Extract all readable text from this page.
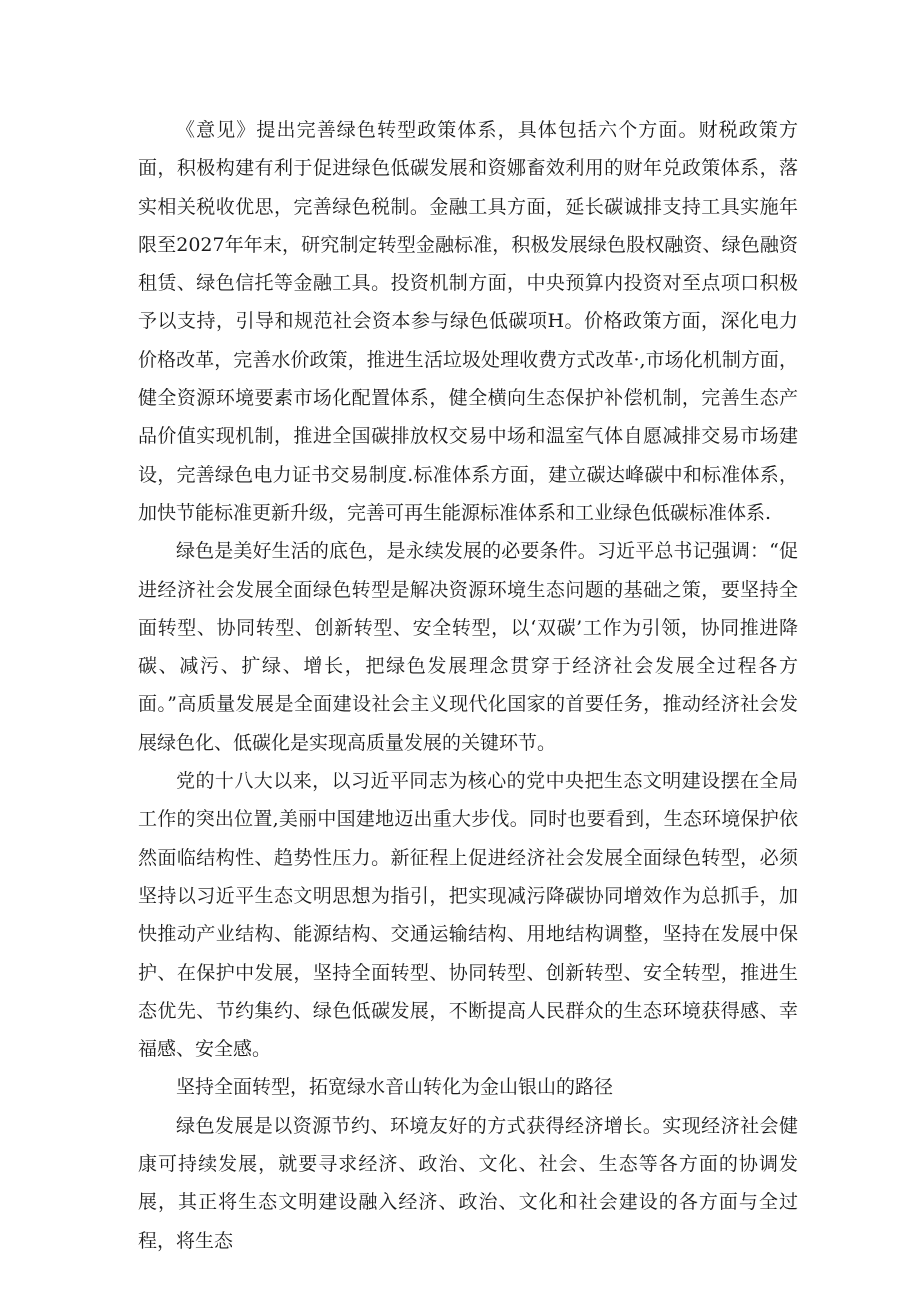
《意见》提出完善绿色转型政策体系，具体包括六个方面。财税政策方面，积极构建有利于促进绿色低碳发展和资娜畜效利用的财年兑政策体系，落实相关税收优思，完善绿色税制。金融工具方面，延长碳诚排支持工具实施年限至2027年年末，研究制定转型金融标准，积极发展绿色股权融资、绿色融资租赁、绿色信托等金融工具。投资机制方面，中央预算内投资对至点项口积极予以支持，引导和规范社会资本参与绿色低碳项H。价格政策方面，深化电力价格改革，完善水价政策，推进生活垃圾处理收费方式改革·,市场化机制方面，健全资源环境要素市场化配置体系，健全横向生态保护补偿机制，完善生态产品价值实现机制，推进全国碳排放权交易中场和温室气体自愿减排交易市场建设，完善绿色电力证书交易制度.标准体系方面，建立碳达峰碳中和标准体系，加快节能标准更新升级，完善可再生能源标准体系和工业绿色低碳标准体系.

绿色是美好生活的底色，是永续发展的必要条件。习近平总书记强调：“促进经济社会发展全面绿色转型是解决资源环境生态问题的基础之策，要坚持全面转型、协同转型、创新转型、安全转型，以‘双碳’工作为引领，协同推进降碳、减污、扩绿、增长，把绿色发展理念贯穿于经济社会发展全过程各方面。”高质量发展是全面建设社会主义现代化国家的首要任务，推动经济社会发展绿色化、低碳化是实现高质量发展的关键环节。

党的十八大以来，以习近平同志为核心的党中央把生态文明建设摆在全局工作的突出位置,美丽中国建地迈出重大步伐。同时也要看到，生态环境保护依然面临结构性、趋势性压力。新征程上促进经济社会发展全面绿色转型，必须坚持以习近平生态文明思想为指引，把实现减污降碳协同增效作为总抓手，加快推动产业结构、能源结构、交通运输结构、用地结构调整，坚持在发展中保护、在保护中发展，坚持全面转型、协同转型、创新转型、安全转型，推进生态优先、节约集约、绿色低碳发展，不断提高人民群众的生态环境获得感、幸福感、安全感。

坚持全面转型，拓宽绿水音山转化为金山银山的路径

绿色发展是以资源节约、环境友好的方式获得经济增长。实现经济社会健康可持续发展，就要寻求经济、政治、文化、社会、生态等各方面的协调发展，其正将生态文明建设融入经济、政治、文化和社会建设的各方面与全过程，将生态
